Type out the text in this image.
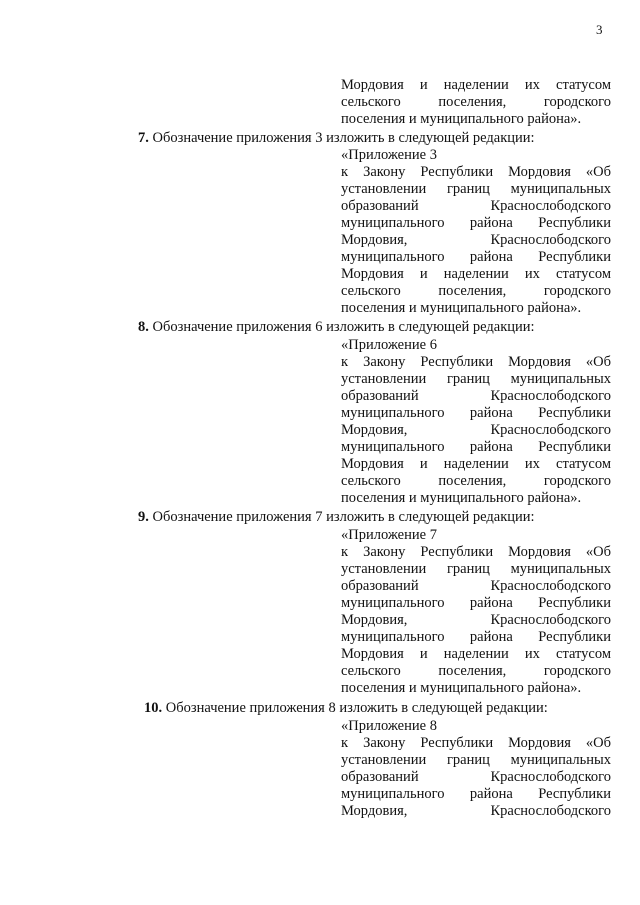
3
Мордовия и наделении их статусом
сельского поселения, городского
поселения и муниципального района».
7. Обозначение приложения 3 изложить в следующей редакции:
«Приложение 3
к Закону Республики Мордовия «Об
установлении границ муниципальных
образований Краснослободского
муниципального района Республики
Мордовия, Краснослободского
муниципального района Республики
Мордовия и наделении их статусом
сельского поселения, городского
поселения и муниципального района».
8. Обозначение приложения 6 изложить в следующей редакции:
«Приложение 6
к Закону Республики Мордовия «Об
установлении границ муниципальных
образований Краснослободского
муниципального района Республики
Мордовия, Краснослободского
муниципального района Республики
Мордовия и наделении их статусом
сельского поселения, городского
поселения и муниципального района».
9. Обозначение приложения 7 изложить в следующей редакции:
«Приложение 7
к Закону Республики Мордовия «Об
установлении границ муниципальных
образований Краснослободского
муниципального района Республики
Мордовия, Краснослободского
муниципального района Республики
Мордовия и наделении их статусом
сельского поселения, городского
поселения и муниципального района».
10. Обозначение приложения 8 изложить в следующей редакции:
«Приложение 8
к Закону Республики Мордовия «Об
установлении границ муниципальных
образований Краснослободского
муниципального района Республики
Мордовия, Краснослободского
